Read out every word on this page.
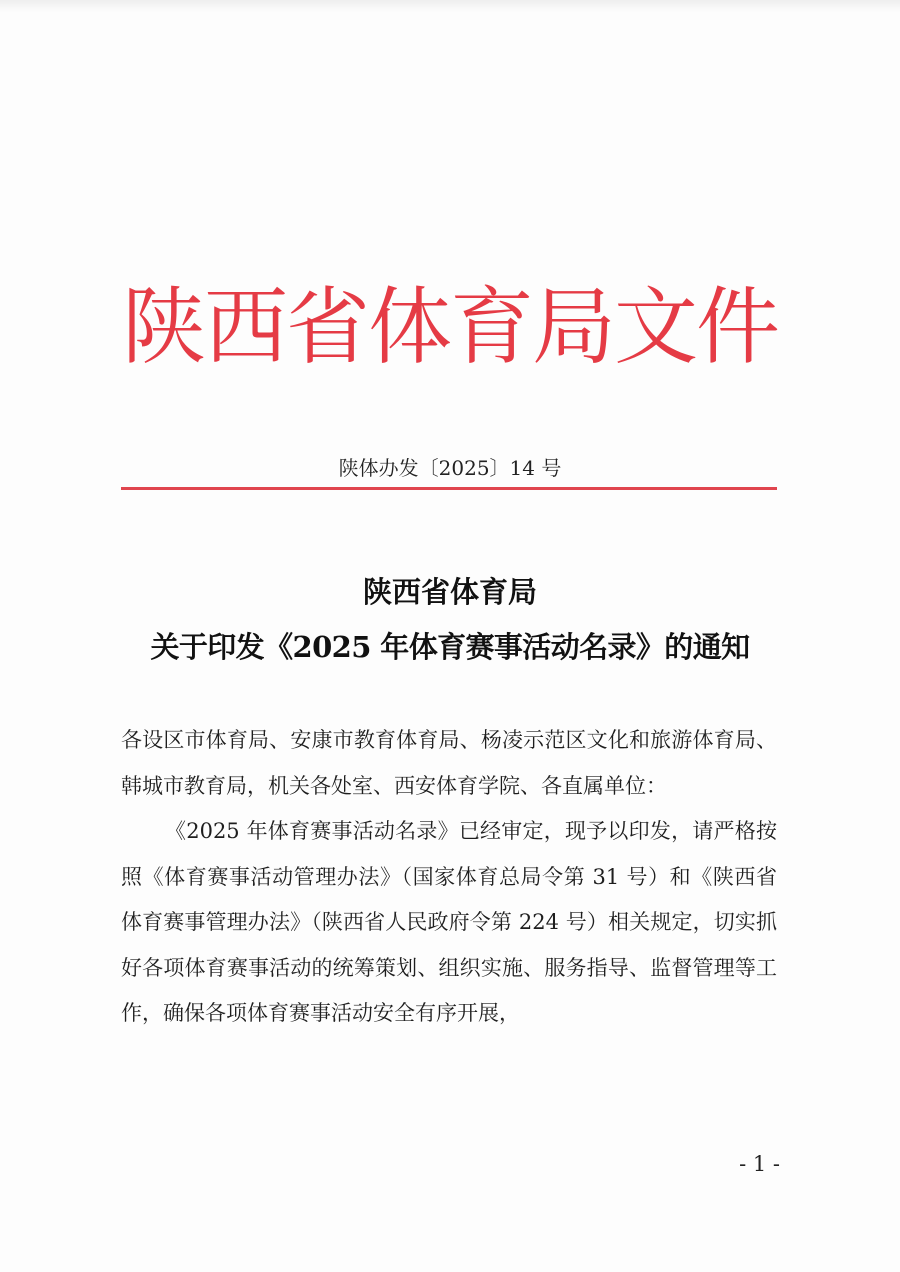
陕西省体育局文件
陕体办发〔2025〕14 号
陕西省体育局
关于印发《2025 年体育赛事活动名录》的通知

各设区市体育局、安康市教育体育局、杨凌示范区文化和旅游体育局、韩城市教育局，机关各处室、西安体育学院、各直属单位：

《2025 年体育赛事活动名录》已经审定，现予以印发，请严格按照《体育赛事活动管理办法》（国家体育总局令第 31 号）和《陕西省体育赛事管理办法》（陕西省人民政府令第 224 号）相关规定，切实抓好各项体育赛事活动的统筹策划、组织实施、服务指导、监督管理等工作，确保各项体育赛事活动安全有序开展，

- 1 -
